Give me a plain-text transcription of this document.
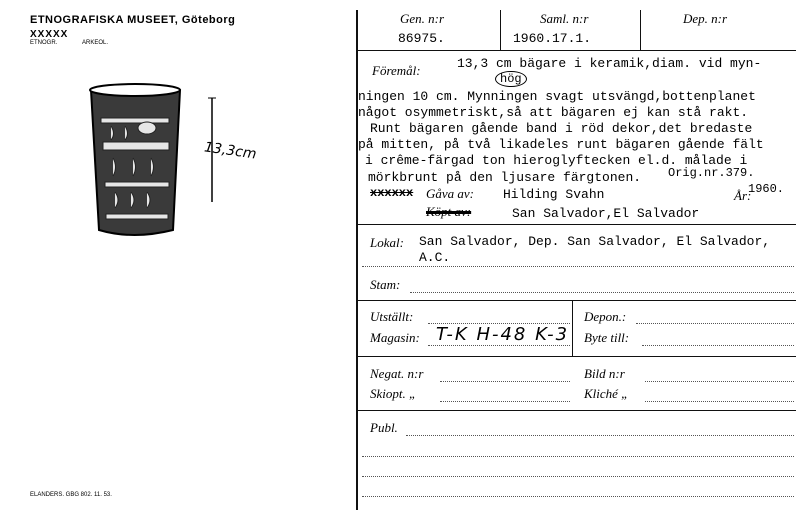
ETNOGRAFISKA MUSEET, Göteborg
XXXXX
ETNOGR.	ARKEOL.
13,3cm
ELANDERS. GBG 802. 11. 53.
Gen. n:r	Saml. n:r	Dep. n:r
86975.	1960.17.1.
Föremål:	13,3 cm bägare i keramik,diam. vid myn-
hög
ningen 10 cm. Mynningen svagt utsvängd,bottenplanet
något osymmetriskt,så att bägaren ej kan stå rakt.
Runt bägaren gående band i röd dekor,det bredaste
på mitten, på två likadeles runt bägaren gående fält
i crême-färgad ton hieroglyftecken el.d. målade i
mörkbrunt på den ljusare färgtonen. Orig.nr.379.
xxxxxx Gåva av: Hilding Svahn	År:
1960.
Köpt av:	San Salvador,El Salvador
Lokal: San Salvador, Dep. San Salvador, El Salvador,
A.C.
Stam:
Utställt:
Magasin: T-K H-48 K-3
Depon.:
Byte till:
Negat. n:r
Skiopt. „
Bild n:r
Kliché „
Publ.
